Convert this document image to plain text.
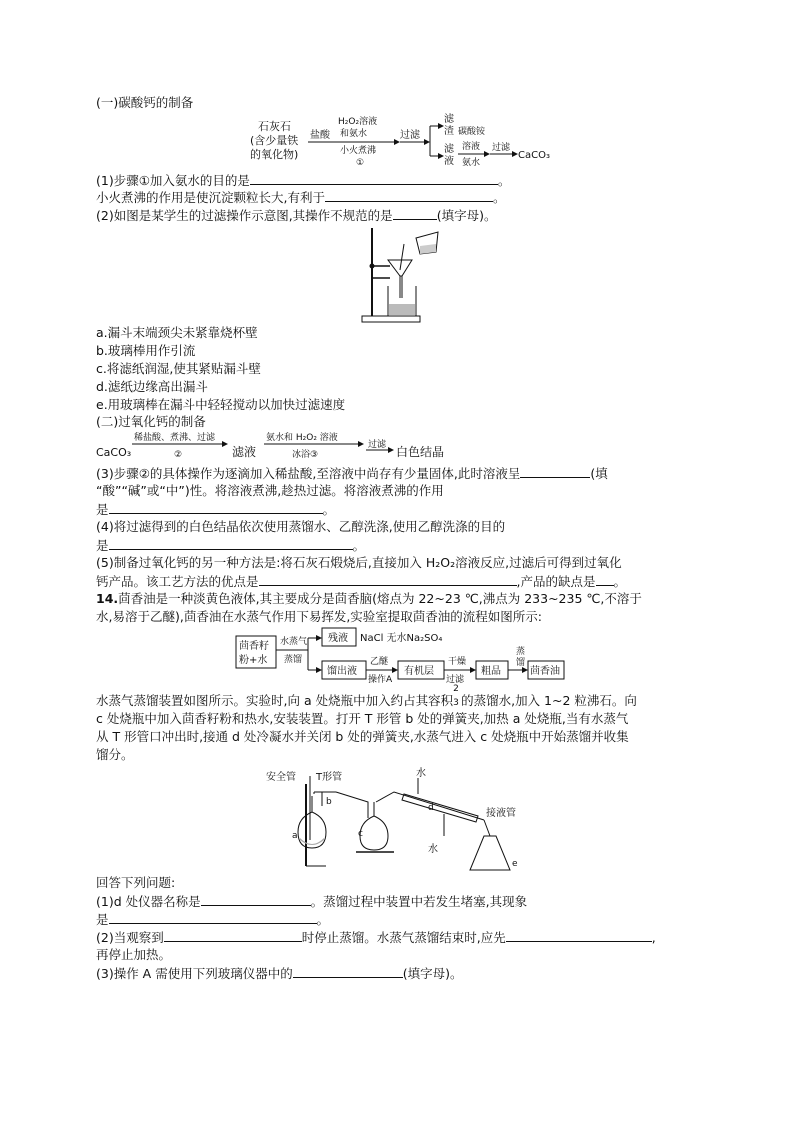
(一)碳酸钙的制备
石灰石
(含少量铁
的氧化物)
盐酸
H₂O₂溶液
和氨水
小火煮沸
①
过滤
滤
渣
滤
液
碳酸铵
溶液
氨水
过滤
CaCO₃
(1)步骤①加入氨水的目的是	。
小火煮沸的作用是使沉淀颗粒长大,有利于	。
(2)如图是某学生的过滤操作示意图,其操作不规范的是	(填字母)。
a.漏斗末端颈尖未紧靠烧杯壁
b.玻璃棒用作引流
c.将滤纸润湿,使其紧贴漏斗壁
d.滤纸边缘高出漏斗
e.用玻璃棒在漏斗中轻轻搅动以加快过滤速度
(二)过氧化钙的制备
CaCO₃
稀盐酸、煮沸、过滤
②	滤液
氨水和 H₂O₂ 溶液
冰浴③
过滤 白色结晶
(3)步骤②的具体操作为逐滴加入稀盐酸,至溶液中尚存有少量固体,此时溶液呈	(填
“酸”“碱”或“中”)性。将溶液煮沸,趁热过滤。将溶液煮沸的作用
是	。
(4)将过滤得到的白色结晶依次使用蒸馏水、乙醇洗涤,使用乙醇洗涤的目的
是	。
(5)制备过氧化钙的另一种方法是:将石灰石煅烧后,直接加入 H₂O₂溶液反应,过滤后可得到过氧化
钙产品。该工艺方法的优点是	,产品的缺点是 。
14.茴香油是一种淡黄色液体,其主要成分是茴香脑(熔点为 22~23 ℃,沸点为 233~235 ℃,不溶于
水,易溶于乙醚),茴香油在水蒸气作用下易挥发,实验室提取茴香油的流程如图所示:
茴香籽
粉+水
水蒸气
蒸馏
残液
馏出液
NaCl 无水Na₂SO₄
乙醚
操作A
有机层
干燥
过滤
粗品
蒸
馏
茴香油
水蒸气蒸馏装置如图所示。实验时,向 a 处烧瓶中加入约占其容积
2
3 的蒸馏水,加入 1~2 粒沸石。向
c 处烧瓶中加入茴香籽粉和热水,安装装置。打开 T 形管 b 处的弹簧夹,加热 a 处烧瓶,当有水蒸气
从 T 形管口冲出时,接通 d 处冷凝水并关闭 b 处的弹簧夹,水蒸气进入 c 处烧瓶中开始蒸馏并收集
馏分。
安全管 T形管	水
接液管
水
b
a	c
d
e
回答下列问题:
(1)d 处仪器名称是	。蒸馏过程中装置中若发生堵塞,其现象
是	。
(2)当观察到	时停止蒸馏。水蒸气蒸馏结束时,应先	,
再停止加热。
(3)操作 A 需使用下列玻璃仪器中的	(填字母)。
